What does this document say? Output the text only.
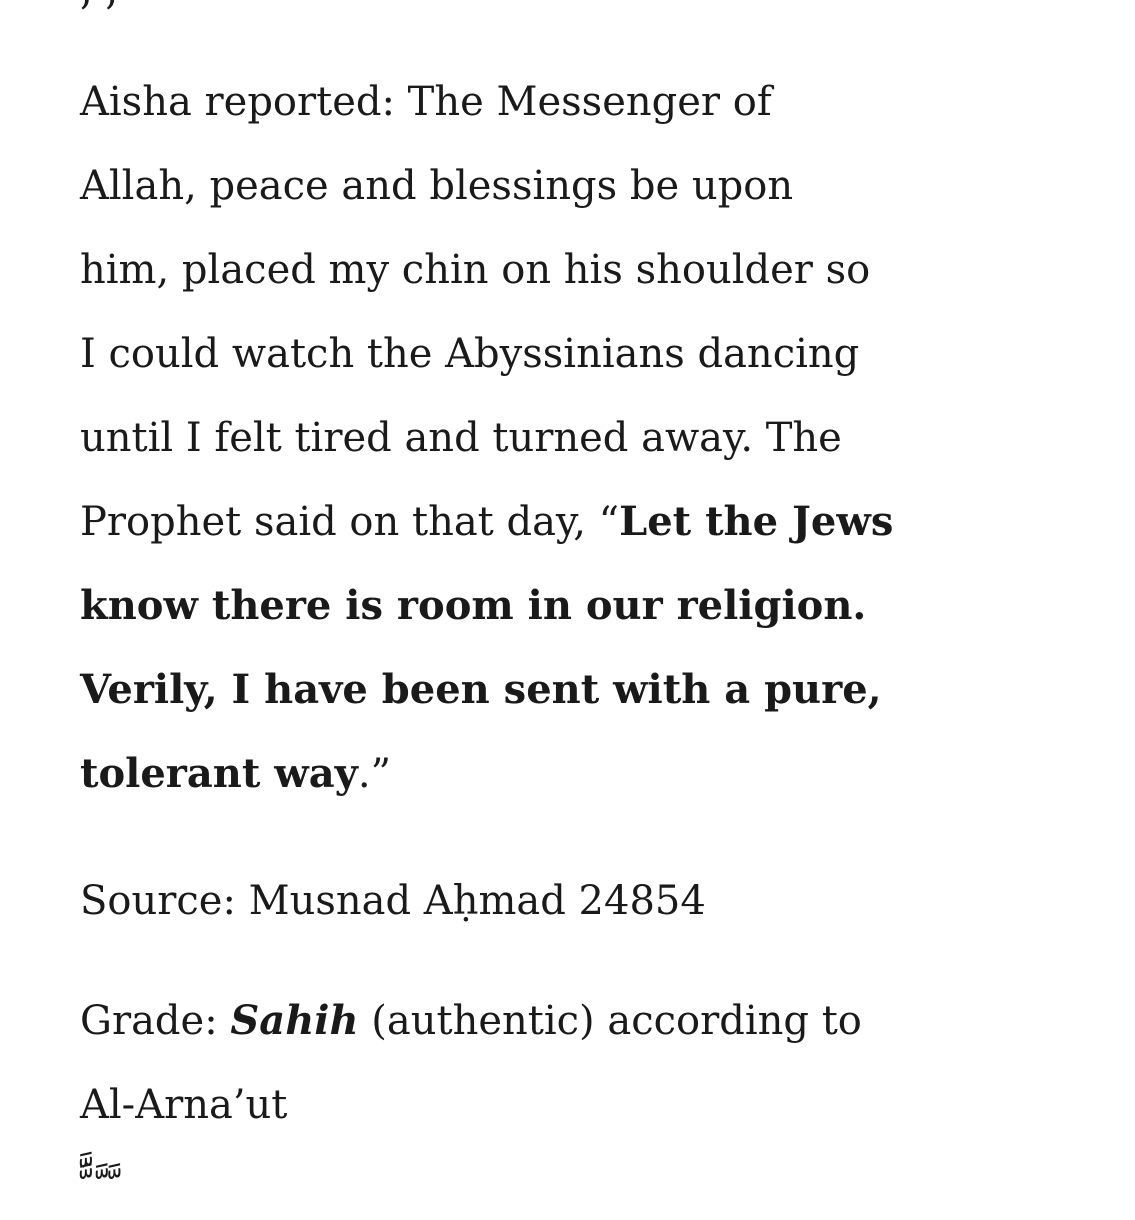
Aisha reported: The Messenger of
Allah, peace and blessings be upon
him, placed my chin on his shoulder so
I could watch the Abyssinians dancing
until I felt tired and turned away. The
Prophet said on that day, “Let the Jews
know there is room in our religion.
Verily, I have been sent with a pure,
tolerant way.”

Source: Musnad Aḥmad 24854

Grade: Sahih (authentic) according to
Al-Arna’ut

َّ َّ َّ َّ
